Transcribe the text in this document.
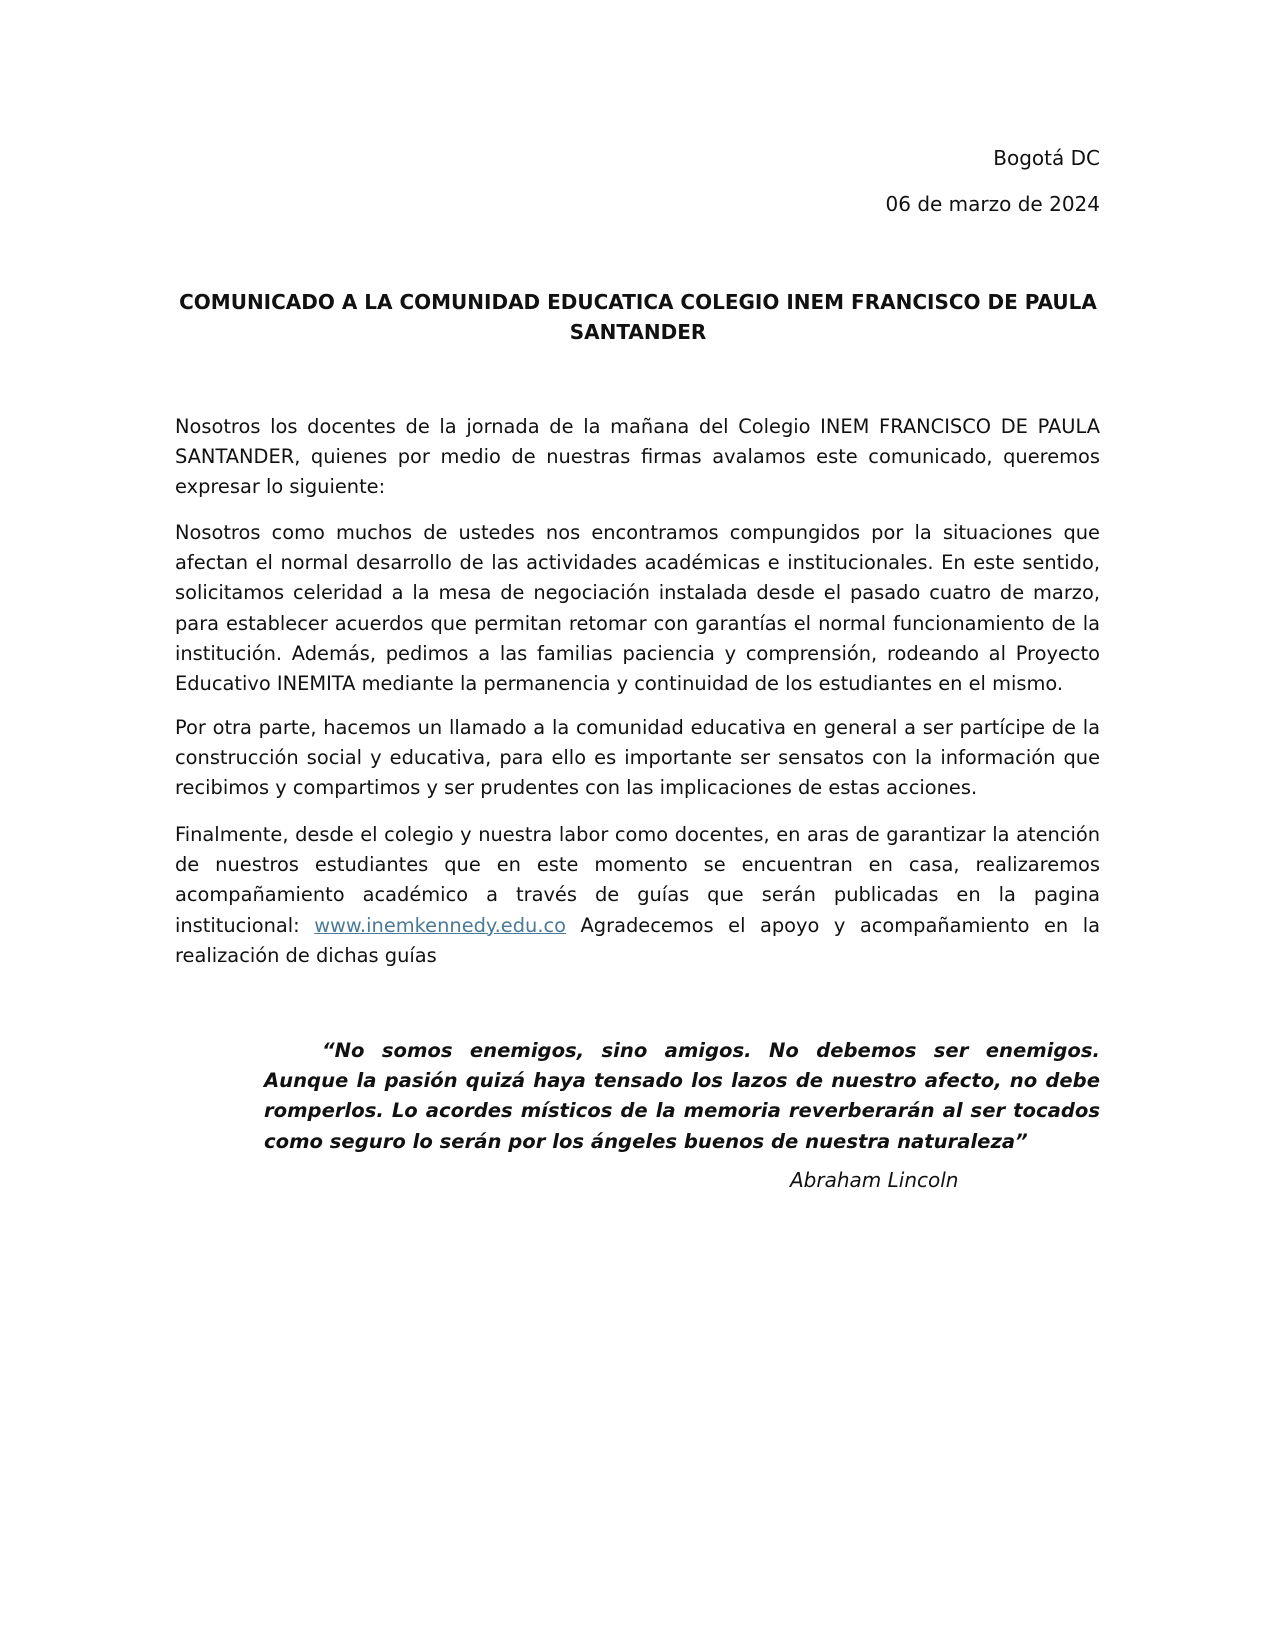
Bogotá DC

06 de marzo de 2024

COMUNICADO A LA COMUNIDAD EDUCATICA COLEGIO INEM FRANCISCO DE PAULA SANTANDER

Nosotros los docentes de la jornada de la mañana del Colegio INEM FRANCISCO DE PAULA SANTANDER, quienes por medio de nuestras firmas avalamos este comunicado, queremos expresar lo siguiente:

Nosotros como muchos de ustedes nos encontramos compungidos por la situaciones que afectan el normal desarrollo de las actividades académicas e institucionales. En este sentido, solicitamos celeridad a la mesa de negociación instalada desde el pasado cuatro de marzo, para establecer acuerdos que permitan retomar con garantías el normal funcionamiento de la institución. Además, pedimos a las familias paciencia y comprensión, rodeando al Proyecto Educativo INEMITA mediante la permanencia y continuidad de los estudiantes en el mismo.

Por otra parte, hacemos un llamado a la comunidad educativa en general a ser partícipe de la construcción social y educativa, para ello es importante ser sensatos con la información que recibimos y compartimos y ser prudentes con las implicaciones de estas acciones.

Finalmente, desde el colegio y nuestra labor como docentes, en aras de garantizar la atención de nuestros estudiantes que en este momento se encuentran en casa, realizaremos acompañamiento académico a través de guías que serán publicadas en la pagina institucional: www.inemkennedy.edu.co Agradecemos el apoyo y acompañamiento en la realización de dichas guías

“No somos enemigos, sino amigos. No debemos ser enemigos. Aunque la pasión quizá haya tensado los lazos de nuestro afecto, no debe romperlos. Lo acordes místicos de la memoria reverberarán al ser tocados como seguro lo serán por los ángeles buenos de nuestra naturaleza”

Abraham Lincoln
